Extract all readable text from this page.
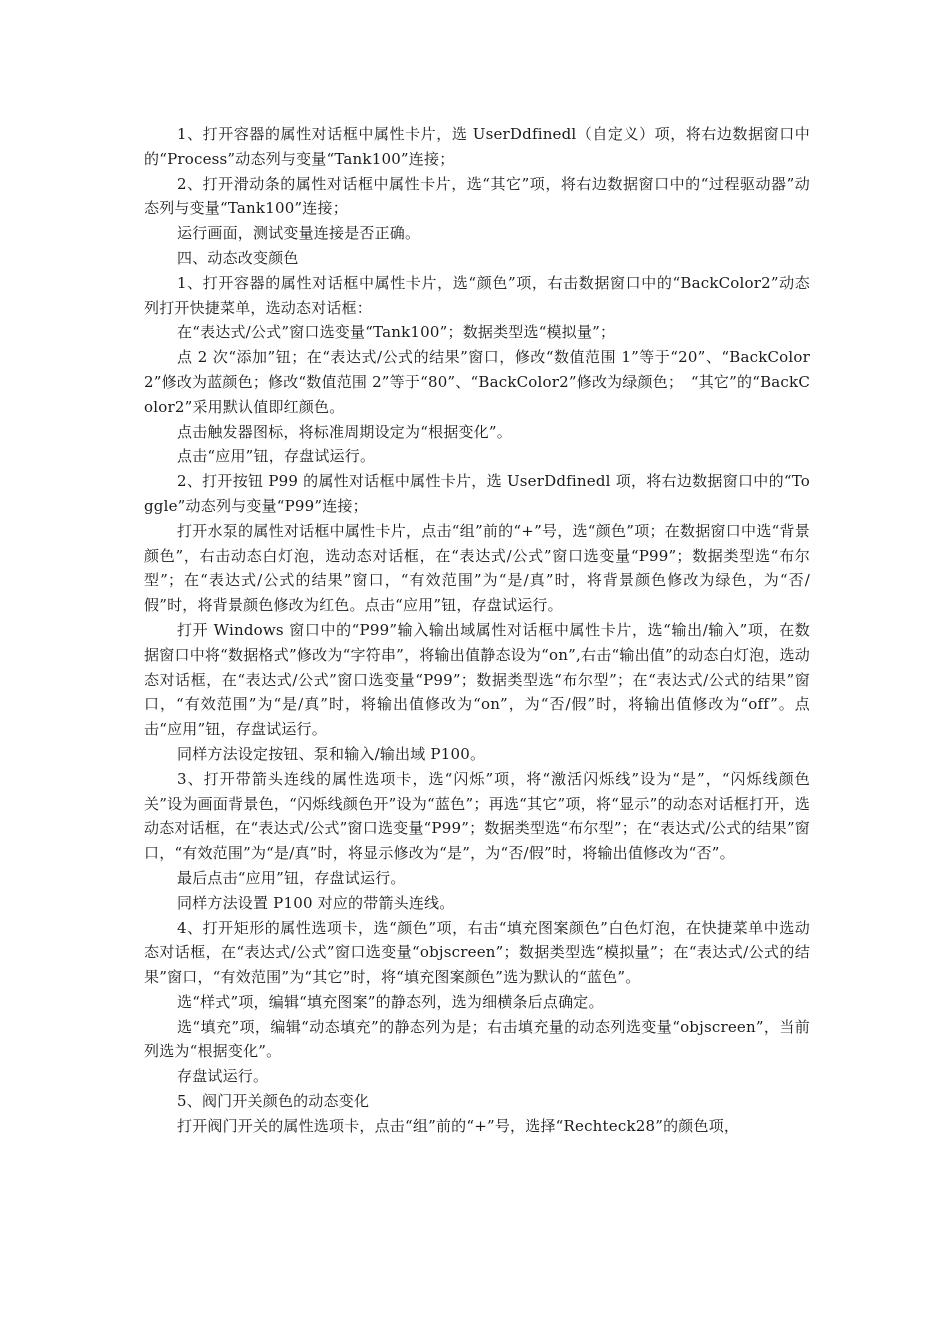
1、打开容器的属性对话框中属性卡片，选 UserDdfinedl（自定义）项，将右边数据窗口中的“Process”动态列与变量“Tank100”连接；

2、打开滑动条的属性对话框中属性卡片，选“其它”项，将右边数据窗口中的“过程驱动器”动态列与变量“Tank100”连接；

运行画面，测试变量连接是否正确。

四、动态改变颜色

1、打开容器的属性对话框中属性卡片，选“颜色”项，右击数据窗口中的“BackColor2”动态列打开快捷菜单，选动态对话框：

在“表达式/公式”窗口选变量“Tank100”；数据类型选“模拟量”；

点 2 次“添加”钮；在“表达式/公式的结果”窗口，修改“数值范围 1”等于“20”、“BackColor2”修改为蓝颜色；修改“数值范围 2”等于“80”、“BackColor2”修改为绿颜色；　“其它”的“BackColor2”采用默认值即红颜色。

点击触发器图标，将标准周期设定为“根据变化”。

点击“应用”钮，存盘试运行。

2、打开按钮 P99 的属性对话框中属性卡片，选 UserDdfinedl 项，将右边数据窗口中的“Toggle”动态列与变量“P99”连接；

打开水泵的属性对话框中属性卡片，点击“组”前的“+”号，选“颜色”项；在数据窗口中选“背景颜色”，右击动态白灯泡，选动态对话框，在“表达式/公式”窗口选变量“P99”；数据类型选“布尔型”；在“表达式/公式的结果”窗口，“有效范围”为“是/真”时，将背景颜色修改为绿色，为“否/假”时，将背景颜色修改为红色。点击“应用”钮，存盘试运行。

打开 Windows 窗口中的“P99”输入输出域属性对话框中属性卡片，选“输出/输入”项，在数据窗口中将“数据格式”修改为“字符串”，将输出值静态设为“on”,右击“输出值”的动态白灯泡，选动态对话框，在“表达式/公式”窗口选变量“P99”；数据类型选“布尔型”；在“表达式/公式的结果”窗口，“有效范围”为“是/真”时，将输出值修改为“on”，为“否/假”时，将输出值修改为“off”。点击“应用”钮，存盘试运行。

同样方法设定按钮、泵和输入/输出域 P100。

3、打开带箭头连线的属性选项卡，选“闪烁”项，将“激活闪烁线”设为“是”，“闪烁线颜色关”设为画面背景色，“闪烁线颜色开”设为“蓝色”；再选“其它”项，将“显示”的动态对话框打开，选动态对话框，在“表达式/公式”窗口选变量“P99”；数据类型选“布尔型”；在“表达式/公式的结果”窗口，“有效范围”为“是/真”时，将显示修改为“是”，为“否/假”时，将输出值修改为“否”。

最后点击“应用”钮，存盘试运行。

同样方法设置 P100 对应的带箭头连线。

4、打开矩形的属性选项卡，选“颜色”项，右击“填充图案颜色”白色灯泡，在快捷菜单中选动态对话框，在“表达式/公式”窗口选变量“objscreen”；数据类型选“模拟量”；在“表达式/公式的结果”窗口，“有效范围”为“其它”时，将“填充图案颜色”选为默认的“蓝色”。

选“样式”项，编辑“填充图案”的静态列，选为细横条后点确定。

选“填充”项，编辑“动态填充”的静态列为是；右击填充量的动态列选变量“objscreen”，当前列选为“根据变化”。

存盘试运行。

5、阀门开关颜色的动态变化

打开阀门开关的属性选项卡，点击“组”前的“+”号，选择“Rechteck28”的颜色项，
